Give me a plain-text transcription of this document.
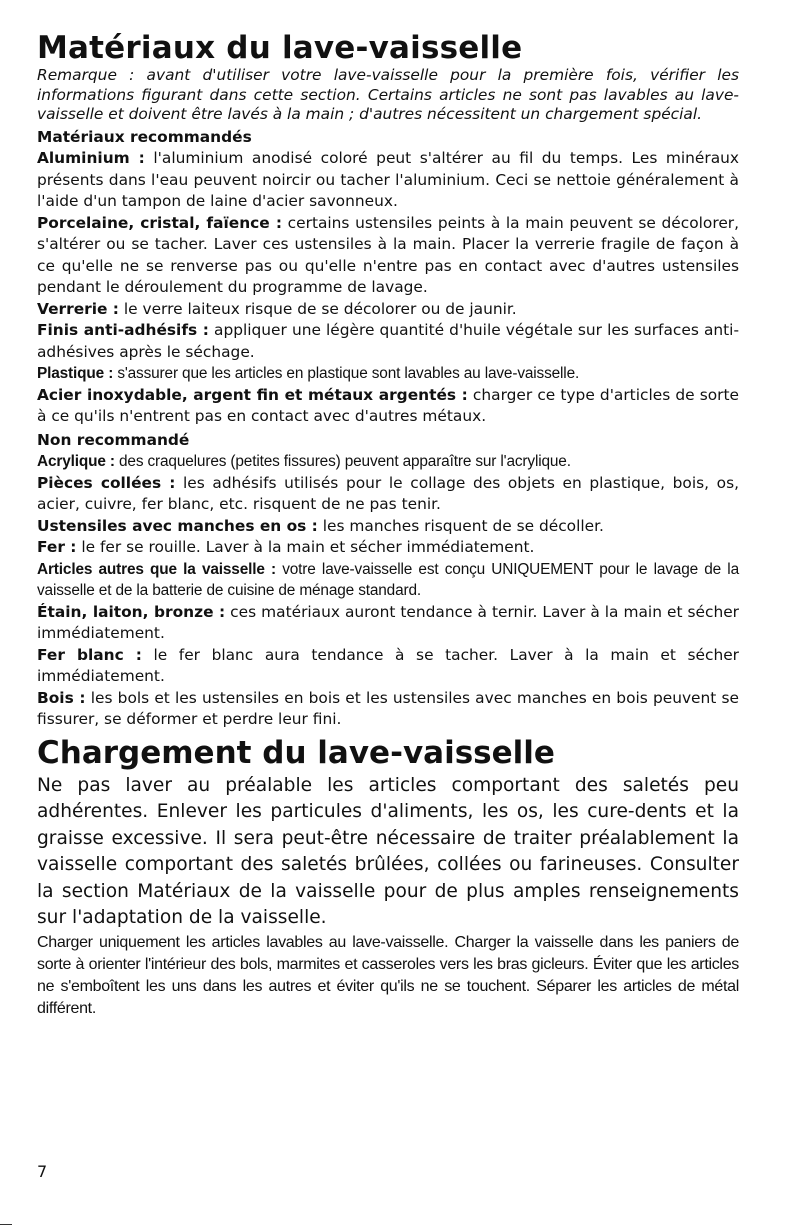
Matériaux du lave-vaisselle

Remarque : avant d'utiliser votre lave-vaisselle pour la première fois, vérifier les informations figurant dans cette section. Certains articles ne sont pas lavables au lave-vaisselle et doivent être lavés à la main ; d'autres nécessitent un chargement spécial.

Matériaux recommandés

Aluminium : l'aluminium anodisé coloré peut s'altérer au fil du temps. Les minéraux présents dans l'eau peuvent noircir ou tacher l'aluminium. Ceci se nettoie généralement à l'aide d'un tampon de laine d'acier savonneux.

Porcelaine, cristal, faïence : certains ustensiles peints à la main peuvent se décolorer, s'altérer ou se tacher. Laver ces ustensiles à la main. Placer la verrerie fragile de façon à ce qu'elle ne se renverse pas ou qu'elle n'entre pas en contact avec d'autres ustensiles pendant le déroulement du programme de lavage.

Verrerie : le verre laiteux risque de se décolorer ou de jaunir.

Finis anti-adhésifs : appliquer une légère quantité d'huile végétale sur les surfaces anti-adhésives après le séchage.

Plastique : s'assurer que les articles en plastique sont lavables au lave-vaisselle.

Acier inoxydable, argent fin et métaux argentés : charger ce type d'articles de sorte à ce qu'ils n'entrent pas en contact avec d'autres métaux.

Non recommandé

Acrylique : des craquelures (petites fissures) peuvent apparaître sur l'acrylique.

Pièces collées : les adhésifs utilisés pour le collage des objets en plastique, bois, os, acier, cuivre, fer blanc, etc. risquent de ne pas tenir.

Ustensiles avec manches en os : les manches risquent de se décoller.

Fer : le fer se rouille. Laver à la main et sécher immédiatement.

Articles autres que la vaisselle : votre lave-vaisselle est conçu UNIQUEMENT pour le lavage de la vaisselle et de la batterie de cuisine de ménage standard.

Étain, laiton, bronze : ces matériaux auront tendance à ternir. Laver à la main et sécher immédiatement.

Fer blanc : le fer blanc aura tendance à se tacher. Laver à la main et sécher immédiatement.

Bois : les bols et les ustensiles en bois et les ustensiles avec manches en bois peuvent se fissurer, se déformer et perdre leur fini.

Chargement du lave-vaisselle

Ne pas laver au préalable les articles comportant des saletés peu adhérentes. Enlever les particules d'aliments, les os, les cure-dents et la graisse excessive. Il sera peut-être nécessaire de traiter préalablement la vaisselle comportant des saletés brûlées, collées ou farineuses. Consulter la section Matériaux de la vaisselle pour de plus amples renseignements sur l'adaptation de la vaisselle.

Charger uniquement les articles lavables au lave-vaisselle. Charger la vaisselle dans les paniers de sorte à orienter l'intérieur des bols, marmites et casseroles vers les bras gicleurs. Éviter que les articles ne s'emboîtent les uns dans les autres et éviter qu'ils ne se touchent. Séparer les articles de métal différent.

7
